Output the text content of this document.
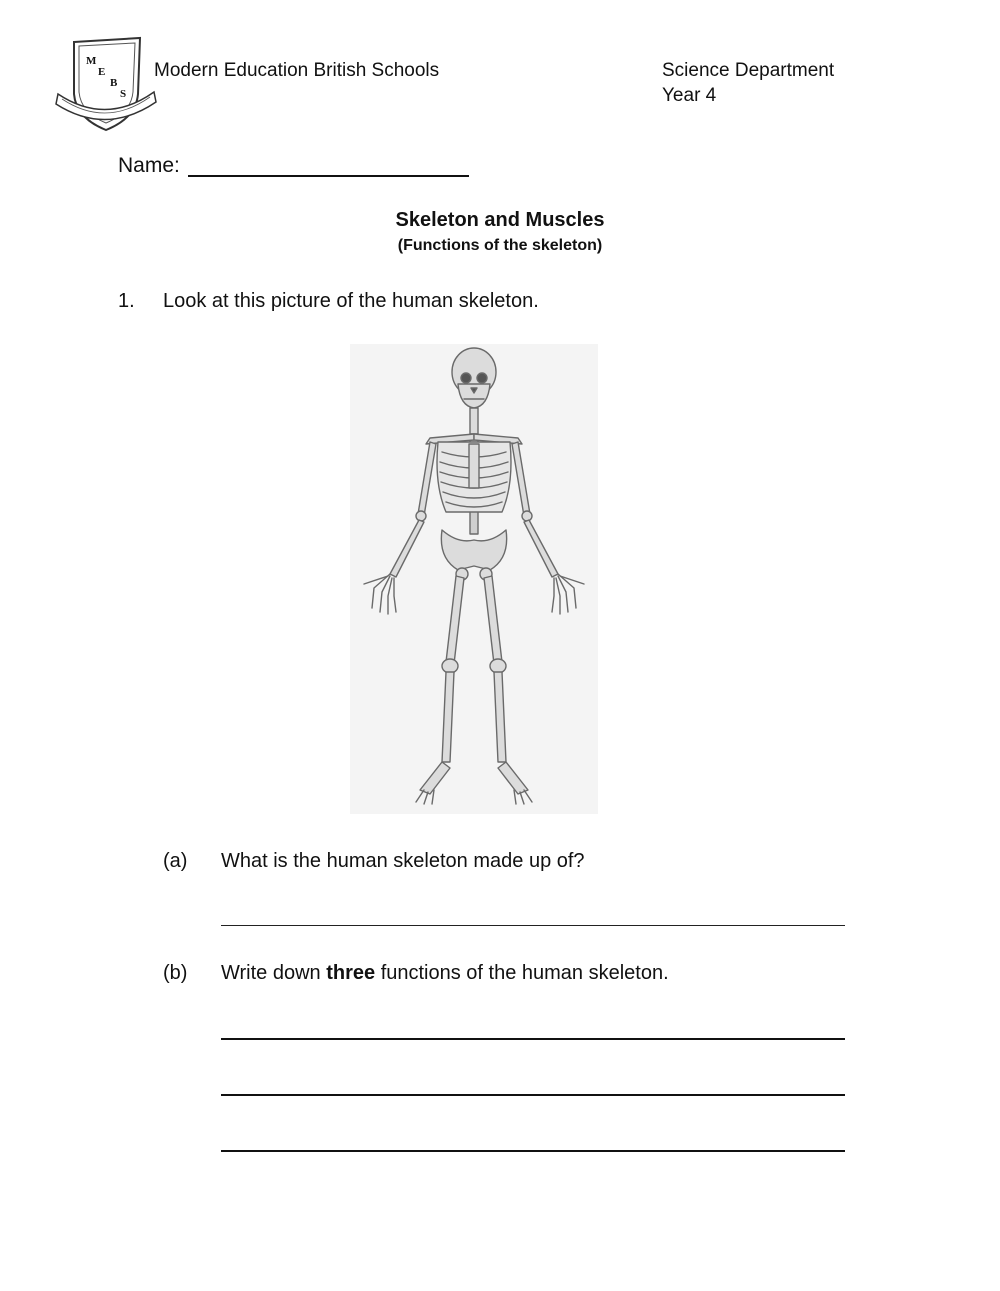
M
E
B
S
Modern Education British Schools	Science Department
Year 4
Name:
Skeleton and Muscles
(Functions of the skeleton)
1. Look at this picture of the human skeleton.
(a) What is the human skeleton made up of?
(b) Write down three functions of the human skeleton.
